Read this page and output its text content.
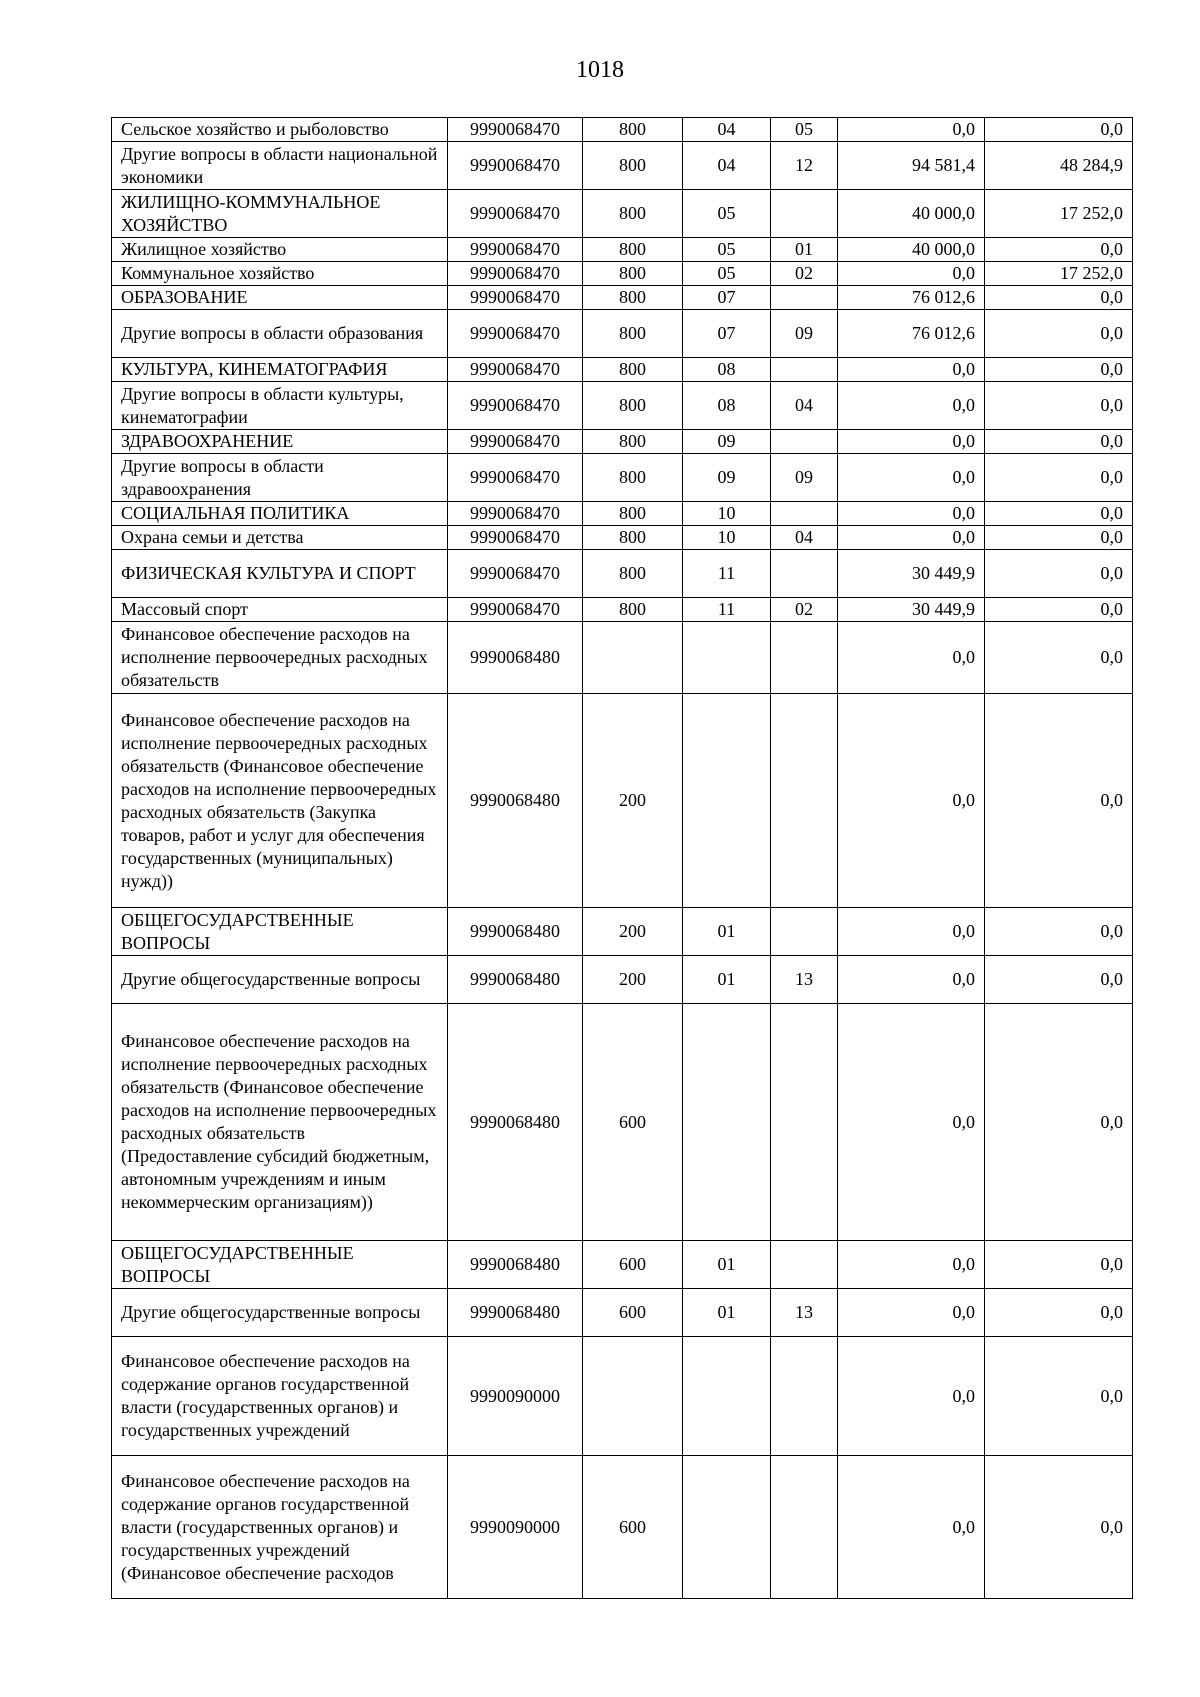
1018
Сельское хозяйство и рыболовство	9990068470	800	04	05	0,0	0,0

Другие вопросы в области национальной экономики	9990068470	800	04	12	94 581,4	48 284,9

ЖИЛИЩНО-КОММУНАЛЬНОЕ ХОЗЯЙСТВО	9990068470	800	05		40 000,0	17 252,0

Жилищное хозяйство	9990068470	800	05	01	40 000,0	0,0

Коммунальное хозяйство	9990068470	800	05	02	0,0	17 252,0

ОБРАЗОВАНИЕ	9990068470	800	07		76 012,6	0,0

Другие вопросы в области образования	9990068470	800	07	09	76 012,6	0,0

КУЛЬТУРА, КИНЕМАТОГРАФИЯ	9990068470	800	08		0,0	0,0

Другие вопросы в области культуры, кинематографии	9990068470	800	08	04	0,0	0,0

ЗДРАВООХРАНЕНИЕ	9990068470	800	09		0,0	0,0

Другие вопросы в области здравоохранения	9990068470	800	09	09	0,0	0,0

СОЦИАЛЬНАЯ ПОЛИТИКА	9990068470	800	10		0,0	0,0

Охрана семьи и детства	9990068470	800	10	04	0,0	0,0

ФИЗИЧЕСКАЯ КУЛЬТУРА И СПОРТ	9990068470	800	11		30 449,9	0,0

Массовый спорт	9990068470	800	11	02	30 449,9	0,0

Финансовое обеспечение расходов на исполнение первоочередных расходных обязательств	9990068480				0,0	0,0

Финансовое обеспечение расходов на исполнение первоочередных расходных обязательств (Финансовое обеспечение расходов на исполнение первоочередных расходных обязательств (Закупка товаров, работ и услуг для обеспечения государственных (муниципальных) нужд))	9990068480	200			0,0	0,0

ОБЩЕГОСУДАРСТВЕННЫЕ ВОПРОСЫ	9990068480	200	01		0,0	0,0

Другие общегосударственные вопросы	9990068480	200	01	13	0,0	0,0

Финансовое обеспечение расходов на исполнение первоочередных расходных обязательств (Финансовое обеспечение расходов на исполнение первоочередных расходных обязательств (Предоставление субсидий бюджетным, автономным учреждениям и иным некоммерческим организациям))	9990068480	600			0,0	0,0

ОБЩЕГОСУДАРСТВЕННЫЕ ВОПРОСЫ	9990068480	600	01		0,0	0,0

Другие общегосударственные вопросы	9990068480	600	01	13	0,0	0,0

Финансовое обеспечение расходов на содержание органов государственной власти (государственных органов) и государственных учреждений	9990090000				0,0	0,0

Финансовое обеспечение расходов на содержание органов государственной власти (государственных органов) и государственных учреждений (Финансовое обеспечение расходов	9990090000	600			0,0	0,0
